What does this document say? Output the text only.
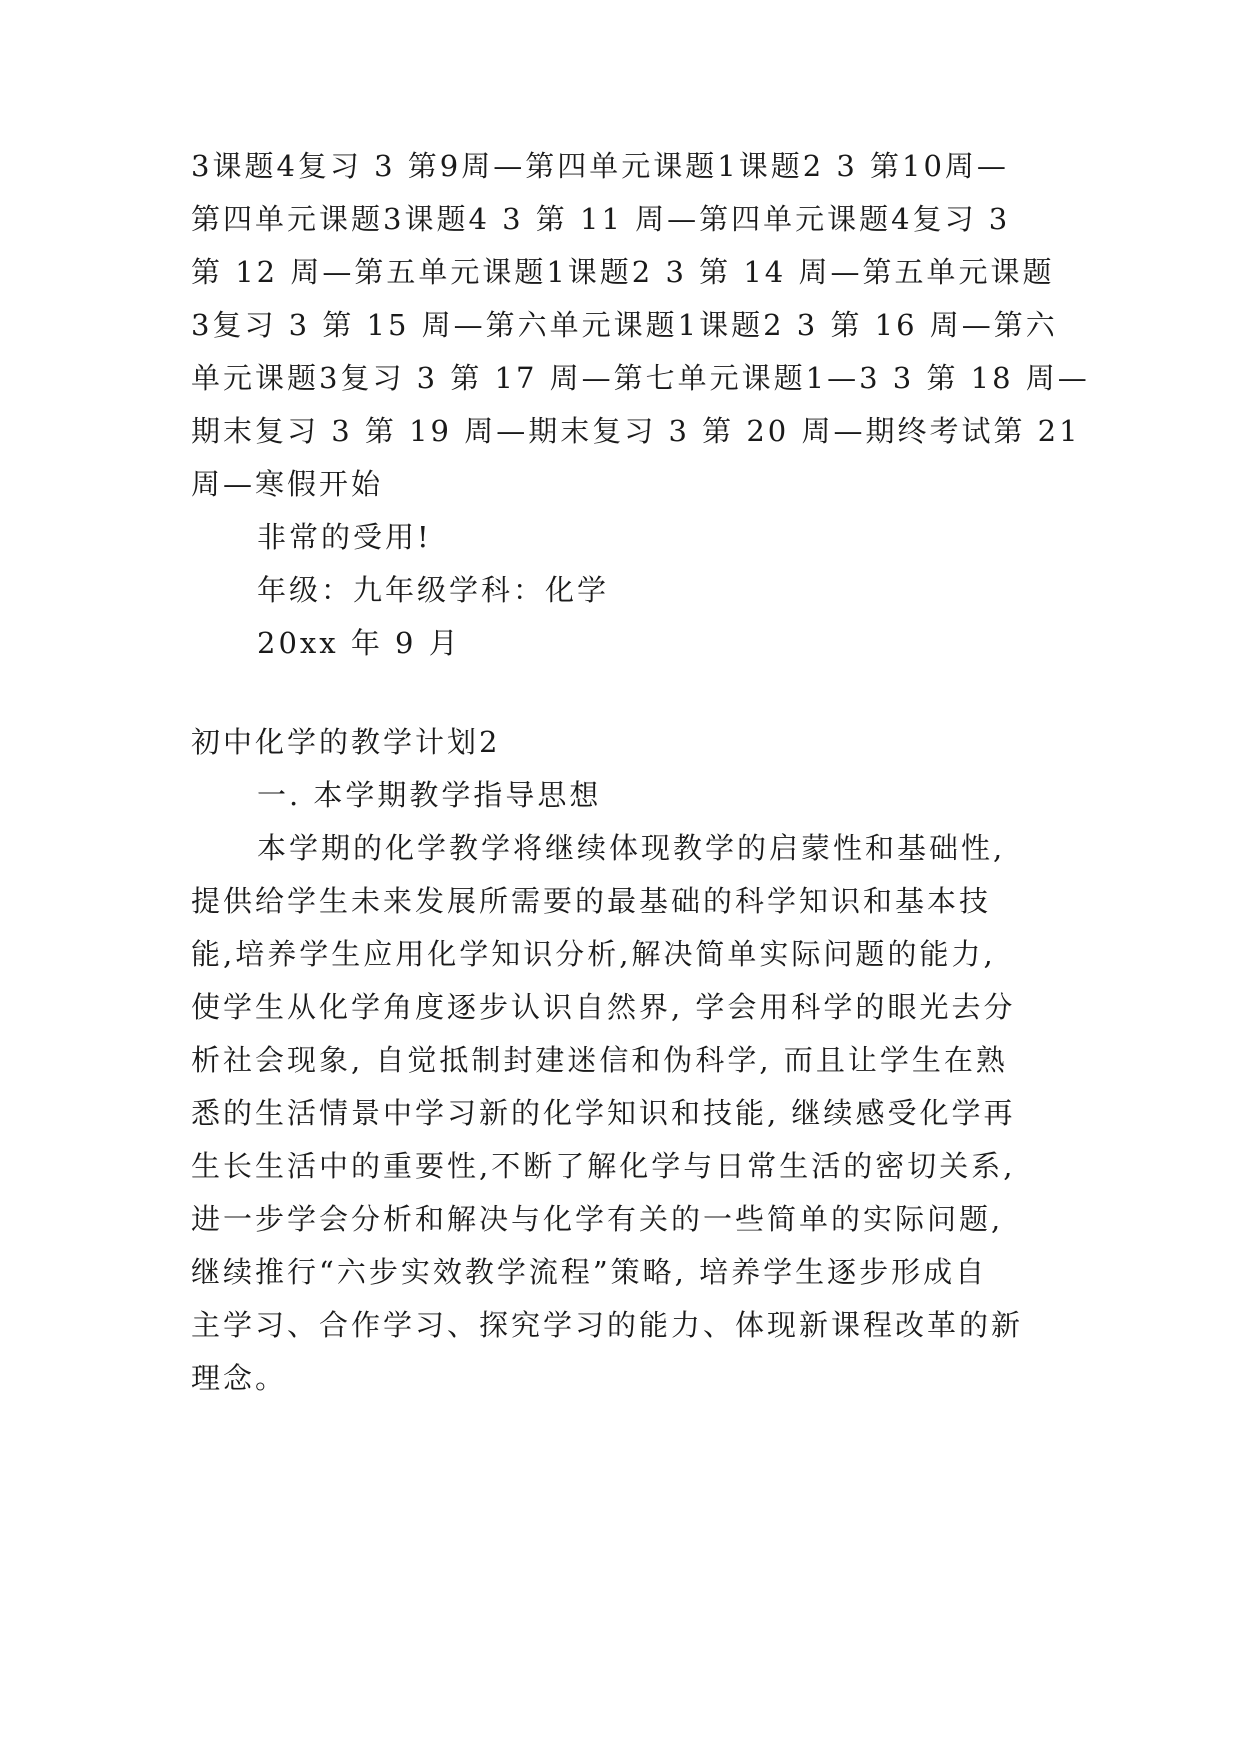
3课题4复习 3 第9周—第四单元课题1课题2 3 第10周—
第四单元课题3课题4 3 第 11 周—第四单元课题4复习 3
第 12 周—第五单元课题1课题2 3 第 14 周—第五单元课题
3复习 3 第 15 周—第六单元课题1课题2 3 第 16 周—第六
单元课题3复习 3 第 17 周—第七单元课题1—3 3 第 18 周—
期末复习 3 第 19 周—期末复习 3 第 20 周—期终考试第 21
周—寒假开始
非常的受用!
年级：九年级学科：化学
20xx 年 9 月
初中化学的教学计划2
一. 本学期教学指导思想
本学期的化学教学将继续体现教学的启蒙性和基础性,
提供给学生未来发展所需要的最基础的科学知识和基本技
能,培养学生应用化学知识分析,解决简单实际问题的能力,
使学生从化学角度逐步认识自然界, 学会用科学的眼光去分
析社会现象, 自觉抵制封建迷信和伪科学, 而且让学生在熟
悉的生活情景中学习新的化学知识和技能, 继续感受化学再
生长生活中的重要性,不断了解化学与日常生活的密切关系,
进一步学会分析和解决与化学有关的一些简单的实际问题,
继续推行“六步实效教学流程”策略, 培养学生逐步形成自
主学习、合作学习、探究学习的能力、体现新课程改革的新
理念。
